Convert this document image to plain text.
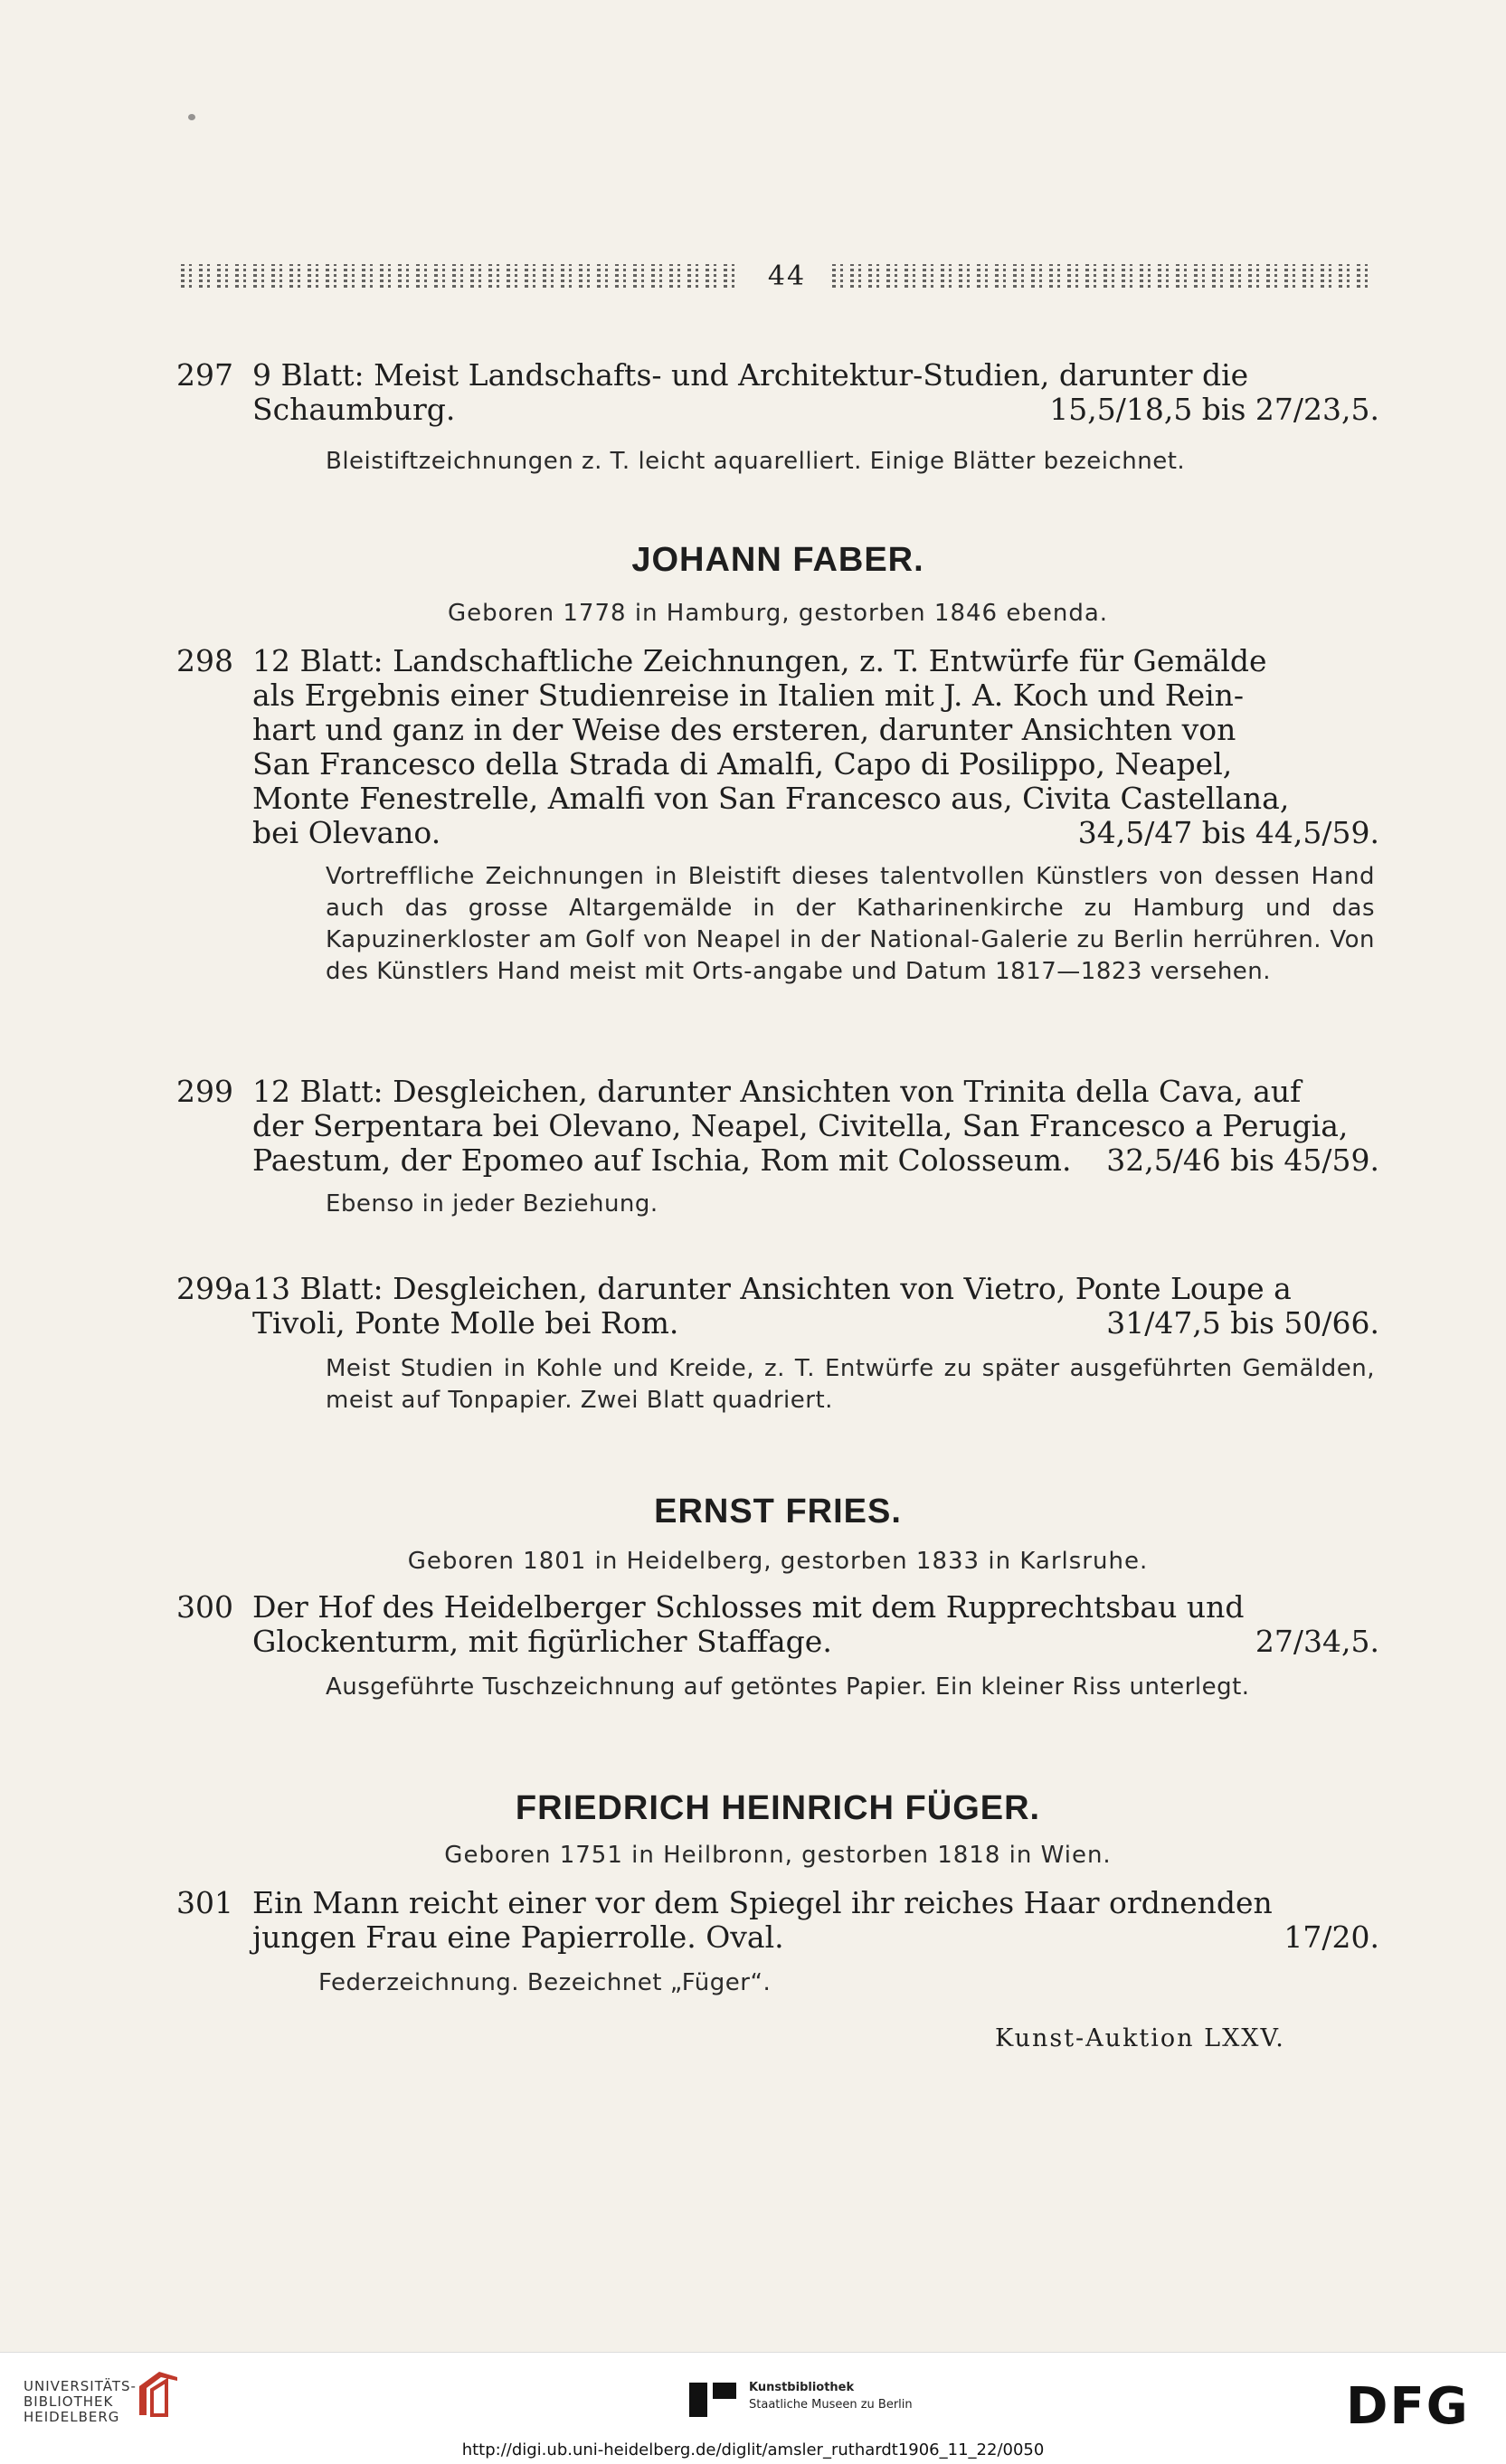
44
297 9 Blatt: Meist Landschafts- und Architektur-Studien, darunter die
Schaumburg.	15,5/18,5 bis 27/23,5.
Bleistiftzeichnungen z. T. leicht aquarelliert. Einige Blätter bezeichnet.
JOHANN FABER.
Geboren 1778 in Hamburg, gestorben 1846 ebenda.
298 12 Blatt: Landschaftliche Zeichnungen, z. T. Entwürfe für Gemälde
als Ergebnis einer Studienreise in Italien mit J. A. Koch und Rein-
hart und ganz in der Weise des ersteren, darunter Ansichten von
San Francesco della Strada di Amalfi, Capo di Posilippo, Neapel,
Monte Fenestrelle, Amalfi von San Francesco aus, Civita Castellana,
bei Olevano.	34,5/47 bis 44,5/59.
Vortreffliche Zeichnungen in Bleistift dieses talentvollen Künstlers von dessen Hand auch das grosse Altargemälde in der Katharinenkirche zu Hamburg und das Kapuzinerkloster am Golf von Neapel in der National-Galerie zu Berlin herrühren. Von des Künstlers Hand meist mit Orts-angabe und Datum 1817—1823 versehen.
299 12 Blatt: Desgleichen, darunter Ansichten von Trinita della Cava, auf
der Serpentara bei Olevano, Neapel, Civitella, San Francesco a Perugia,
Paestum, der Epomeo auf Ischia, Rom mit Colosseum. 32,5/46 bis 45/59.
Ebenso in jeder Beziehung.
299a 13 Blatt: Desgleichen, darunter Ansichten von Vietro, Ponte Loupe a
Tivoli, Ponte Molle bei Rom.	31/47,5 bis 50/66.
Meist Studien in Kohle und Kreide, z. T. Entwürfe zu später ausgeführten Gemälden, meist auf Tonpapier. Zwei Blatt quadriert.
ERNST FRIES.
Geboren 1801 in Heidelberg, gestorben 1833 in Karlsruhe.
300 Der Hof des Heidelberger Schlosses mit dem Rupprechtsbau und
Glockenturm, mit figürlicher Staffage.	27/34,5.
Ausgeführte Tuschzeichnung auf getöntes Papier. Ein kleiner Riss unterlegt.
FRIEDRICH HEINRICH FÜGER.
Geboren 1751 in Heilbronn, gestorben 1818 in Wien.
301 Ein Mann reicht einer vor dem Spiegel ihr reiches Haar ordnenden
jungen Frau eine Papierrolle. Oval.	17/20.
Federzeichnung. Bezeichnet „Füger“.
Kunst-Auktion LXXV.
UNIVERSITÄTS-
BIBLIOTHEK
HEIDELBERG
Kunstbibliothek
Staatliche Museen zu Berlin	DFG
http://digi.ub.uni-heidelberg.de/diglit/amsler_ruthardt1906_11_22/0050
